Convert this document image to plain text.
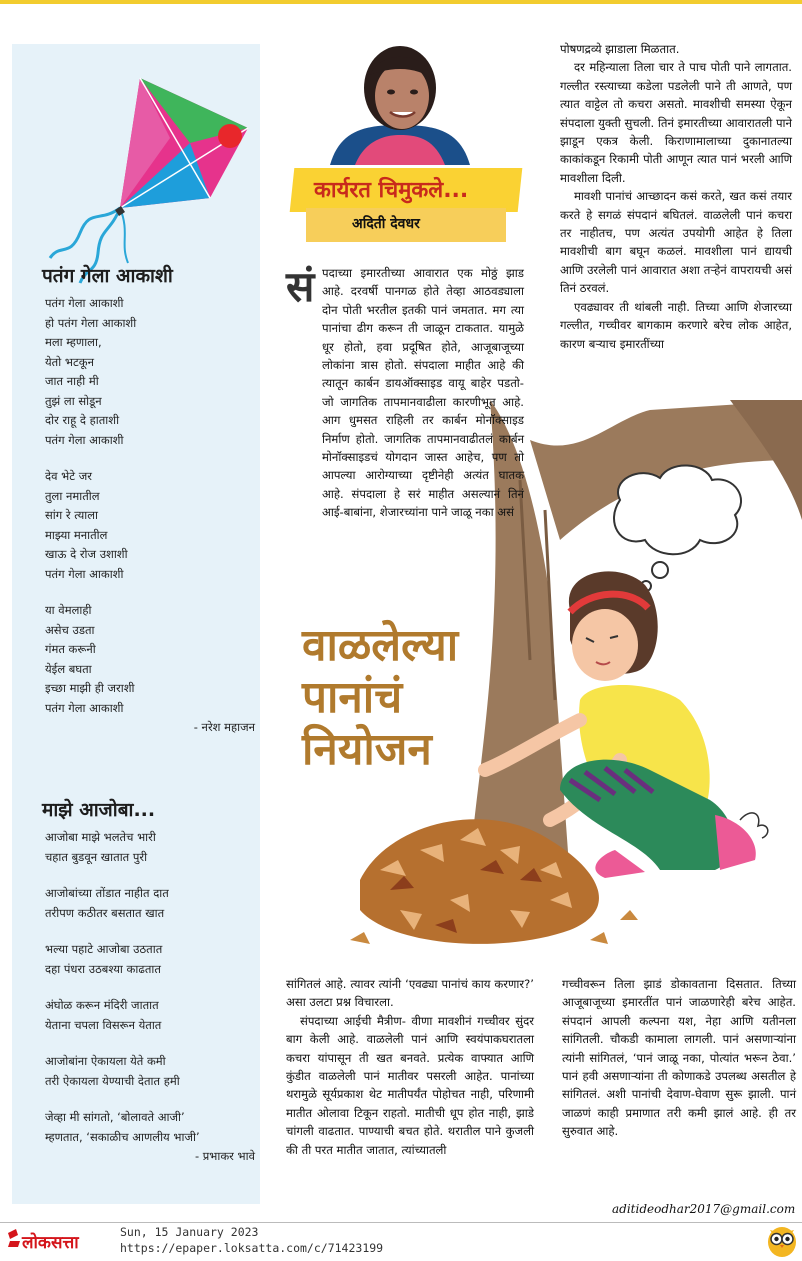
पतंग गेला आकाशी
पतंग गेला आकाशी
हो पतंग गेला आकाशी
मला म्हणाला,
येतो भटकून
जात नाही मी
तुझं ला सोडून
दोर राहू दे हाताशी
पतंग गेला आकाशी
देव भेटे जर
तुला नमातील
सांग रे त्याला
माझ्या मनातील
खाऊ दे रोज उशाशी
पतंग गेला आकाशी
या वेमलाही
असेच उडता
गंमत करूनी
येईल बघता
इच्छा माझी ही जराशी
पतंग गेला आकाशी
- नरेश महाजन
माझे आजोबा...
आजोबा माझे भलतेच भारी
चहात बुडवून खातात पुरी
आजोबांच्या तोंडात नाहीत दात
तरीपण कठीतर बसतात खात
भल्या पहाटे आजोबा उठतात
दहा पंधरा उठबश्या काढतात
अंघोळ करून मंदिरी जातात
येताना चपला विसरून येतात
आजोबांना ऐकायला येते कमी
तरी ऐकायला येण्याची देतात हमी
जेव्हा मी सांगतो, ‘बोलावते आजी’
म्हणतात, ‘सकाळीच आणलीय भाजी’
- प्रभाकर भावे
कार्यरत चिमुकले...
अदिती देवधर
सं पदाच्या इमारतीच्या आवारात एक मोठ्ठं झाड आहे. दरवर्षी पानगळ होते तेव्हा आठवड्याला दोन पोती भरतील इतकी पानं जमतात. मग त्या पानांचा ढीग करून ती जाळून टाकतात. यामुळे धूर होतो, हवा प्रदूषित होते, आजूबाजूच्या लोकांना त्रास होतो. संपदाला माहीत आहे की त्यातून कार्बन डायऑक्साइड वायू बाहेर पडतो- जो जागतिक तापमानवाढीला कारणीभूत आहे. आग धुमसत राहिली तर कार्बन मोनॉक्साइड निर्माण होतो. जागतिक तापमानवाढीतलं कार्बन मोनॉक्साइडचं योगदान जास्त आहेच, पण तो आपल्या आरोग्याच्या दृष्टीनेही अत्यंत घातक आहे. संपदाला हे सरं माहीत असल्यानं तिनं आई-बाबांना, शेजारच्यांना पाने जाळू नका असं

पोषणद्रव्ये झाडाला मिळतात.

दर महिन्याला तिला चार ते पाच पोती पाने लागतात. गल्लीत रस्त्याच्या कडेला पडलेली पाने ती आणते, पण त्यात वाट्टेल तो कचरा असतो. मावशीची समस्या ऐकून संपदाला युक्ती सुचली. तिनं इमारतीच्या आवारातली पाने झाडून एकत्र केली. किराणामालाच्या दुकानातल्या काकांकडून रिकामी पोती आणून त्यात पानं भरली आणि मावशीला दिली.

मावशी पानांचं आच्छादन कसं करते, खत कसं तयार करते हे सगळं संपदानं बघितलं. वाळलेली पानं कचरा तर नाहीतच, पण अत्यंत उपयोगी आहेत हे तिला मावशीची बाग बघून कळलं. मावशीला पानं द्यायची आणि उरलेली पानं आवारात अशा तऱ्हेनं वापरायची असं तिनं ठरवलं.

एवढ्यावर ती थांबली नाही. तिच्या आणि शेजारच्या गल्लीत, गच्चीवर बागकाम करणारे बरेच लोक आहेत, कारण बऱ्याच इमारतींच्या

वाळलेल्या
पानांचं
नियोजन

सांगितलं आहे. त्यावर त्यांनी ‘एवढ्या पानांचं काय करणार?’ असा उलटा प्रश्न विचारला.

संपदाच्या आईची मैत्रीण- वीणा मावशीनं गच्चीवर सुंदर बाग केली आहे. वाळलेली पानं आणि स्वयंपाकघरातला कचरा यांपासून ती खत बनवते. प्रत्येक वाफ्यात आणि कुंडीत वाळलेली पानं मातीवर पसरली आहेत. पानांच्या थरामुळे सूर्यप्रकाश थेट मातीपर्यंत पोहोचत नाही, परिणामी मातीत ओलावा टिकून राहतो. मातीची धूप होत नाही, झाडे चांगली वाढतात. पाण्याची बचत होते. थरातील पाने कुजली की ती परत मातीत जातात, त्यांच्यातली

गच्चीवरून तिला झाडं डोकावताना दिसतात. तिच्या आजूबाजूच्या इमारतींत पानं जाळणारेही बरेच आहेत. संपदानं आपली कल्पना यश, नेहा आणि यतीनला सांगितली. चौकडी कामाला लागली. पानं असणाऱ्यांना त्यांनी सांगितलं, ‘पानं जाळू नका, पोत्यांत भरून ठेवा.’ पानं हवी असणाऱ्यांना ती कोणाकडे उपलब्ध असतील हे सांगितलं. अशी पानांची देवाण-घेवाण सुरू झाली. पानं जाळणं काही प्रमाणात तरी कमी झालं आहे. ही तर सुरुवात आहे.

aditideodhar2017@gmail.com
लोकसत्ता
Sun, 15 January 2023
https://epaper.loksatta.com/c/71423199
